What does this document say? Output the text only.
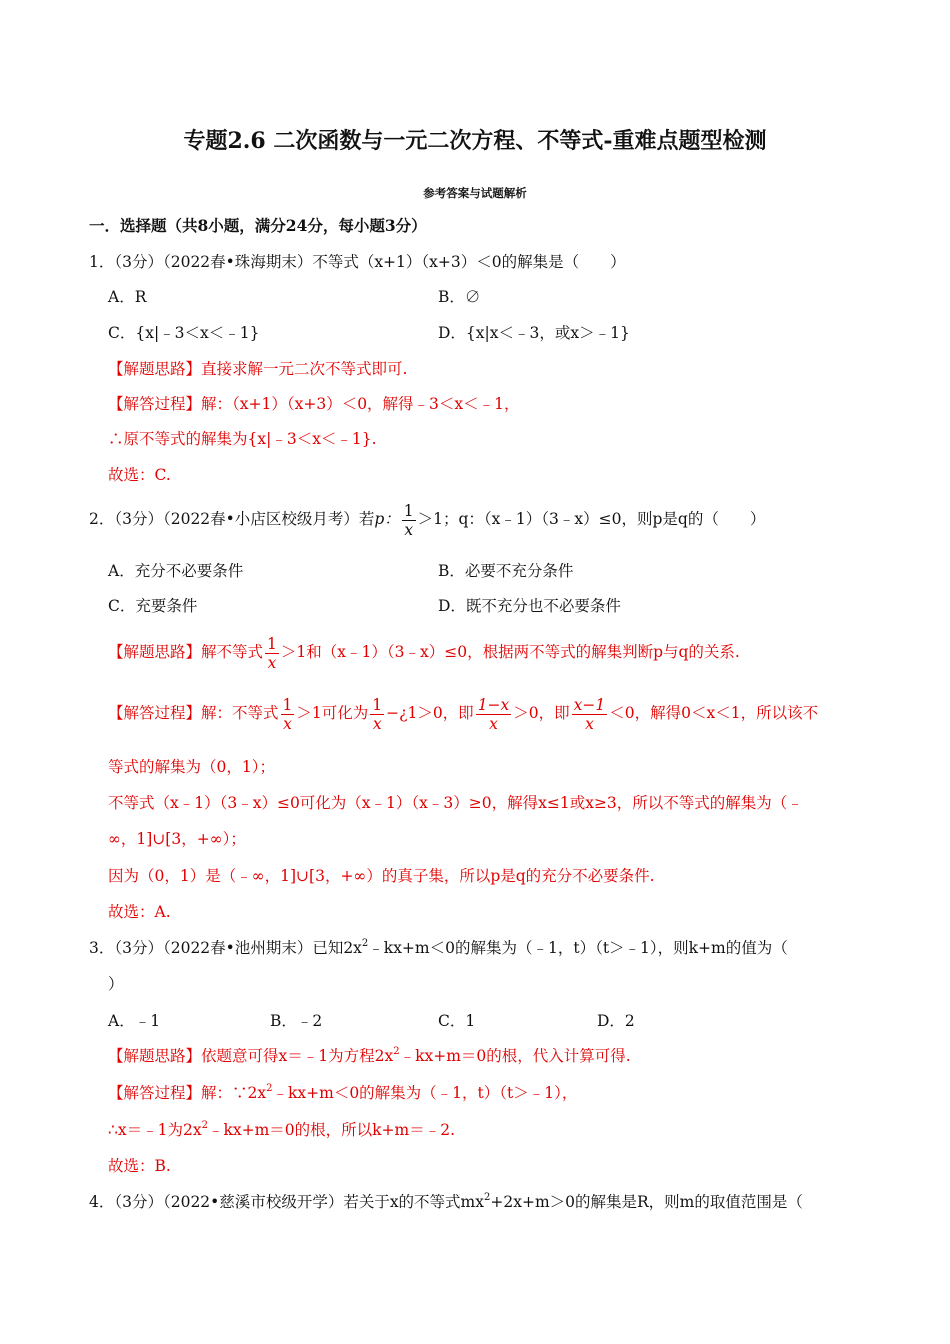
专题2.6 二次函数与一元二次方程、不等式-重难点题型检测
参考答案与试题解析
一．选择题（共8小题，满分24分，每小题3分）
1．（3分）（2022春•珠海期末）不等式（x+1）（x+3）＜0的解集是（　　）
A．R	B．∅
C．{x|﹣3＜x＜﹣1}	D．{x|x＜﹣3，或x＞﹣1}
【解题思路】直接求解一元二次不等式即可.
【解答过程】解：（x+1）（x+3）＜0，解得﹣3＜x＜﹣1，
∴原不等式的解集为{x|﹣3＜x＜﹣1}.
故选：C.
2．（3分）（2022春•小店区校级月考）若p： $\frac{1}{x} >1$；q：（x﹣1）（3﹣x）≤0，则p是q的（　　）
A．充分不必要条件	B．必要不充分条件
C．充要条件	D．既不充分也不必要条件
【解题思路】解不等式 $\frac{1}{x} >1$和（x﹣1）（3﹣x）≤0，根据两不等式的解集判断p与q的关系.
【解答过程】解：不等式 $\frac{1}{x} >1$可化为 $\frac{1}{x}$ −¿1＞0，即 $\frac{1-x}{x} >0$，即 $\frac{x-1}{x} <0$，解得0＜x＜1，所以该不
等式的解集为（0，1）；
不等式（x﹣1）（3﹣x）≤0可化为（x﹣1）（x﹣3）≥0，解得x≤1或x≥3，所以不等式的解集为（﹣
∞，1]∪[3，+∞）；
因为（0，1）是（﹣∞，1]∪[3，+∞）的真子集，所以p是q的充分不必要条件.
故选：A.
3．（3分）（2022春•池州期末）已知$2x^2﹣kx+m<0$的解集为（﹣1，t）（t＞﹣1），则k+m的值为（
）
A．﹣1	B．﹣2	C．1	D．2
【解题思路】依题意可得x＝﹣1为方程$2x^2﹣kx+m=0$的根，代入计算可得.
【解答过程】解：$\because 2x^2﹣kx+m<0$的解集为（﹣1，t）（t＞﹣1），
∴x＝﹣1为$2x^2﹣kx+m=0$的根，所以k+m＝﹣2.
故选：B.
4．（3分）（2022•慈溪市校级开学）若关于x的不等式$mx^2+2x+m>0$的解集是R，则m的取值范围是（
